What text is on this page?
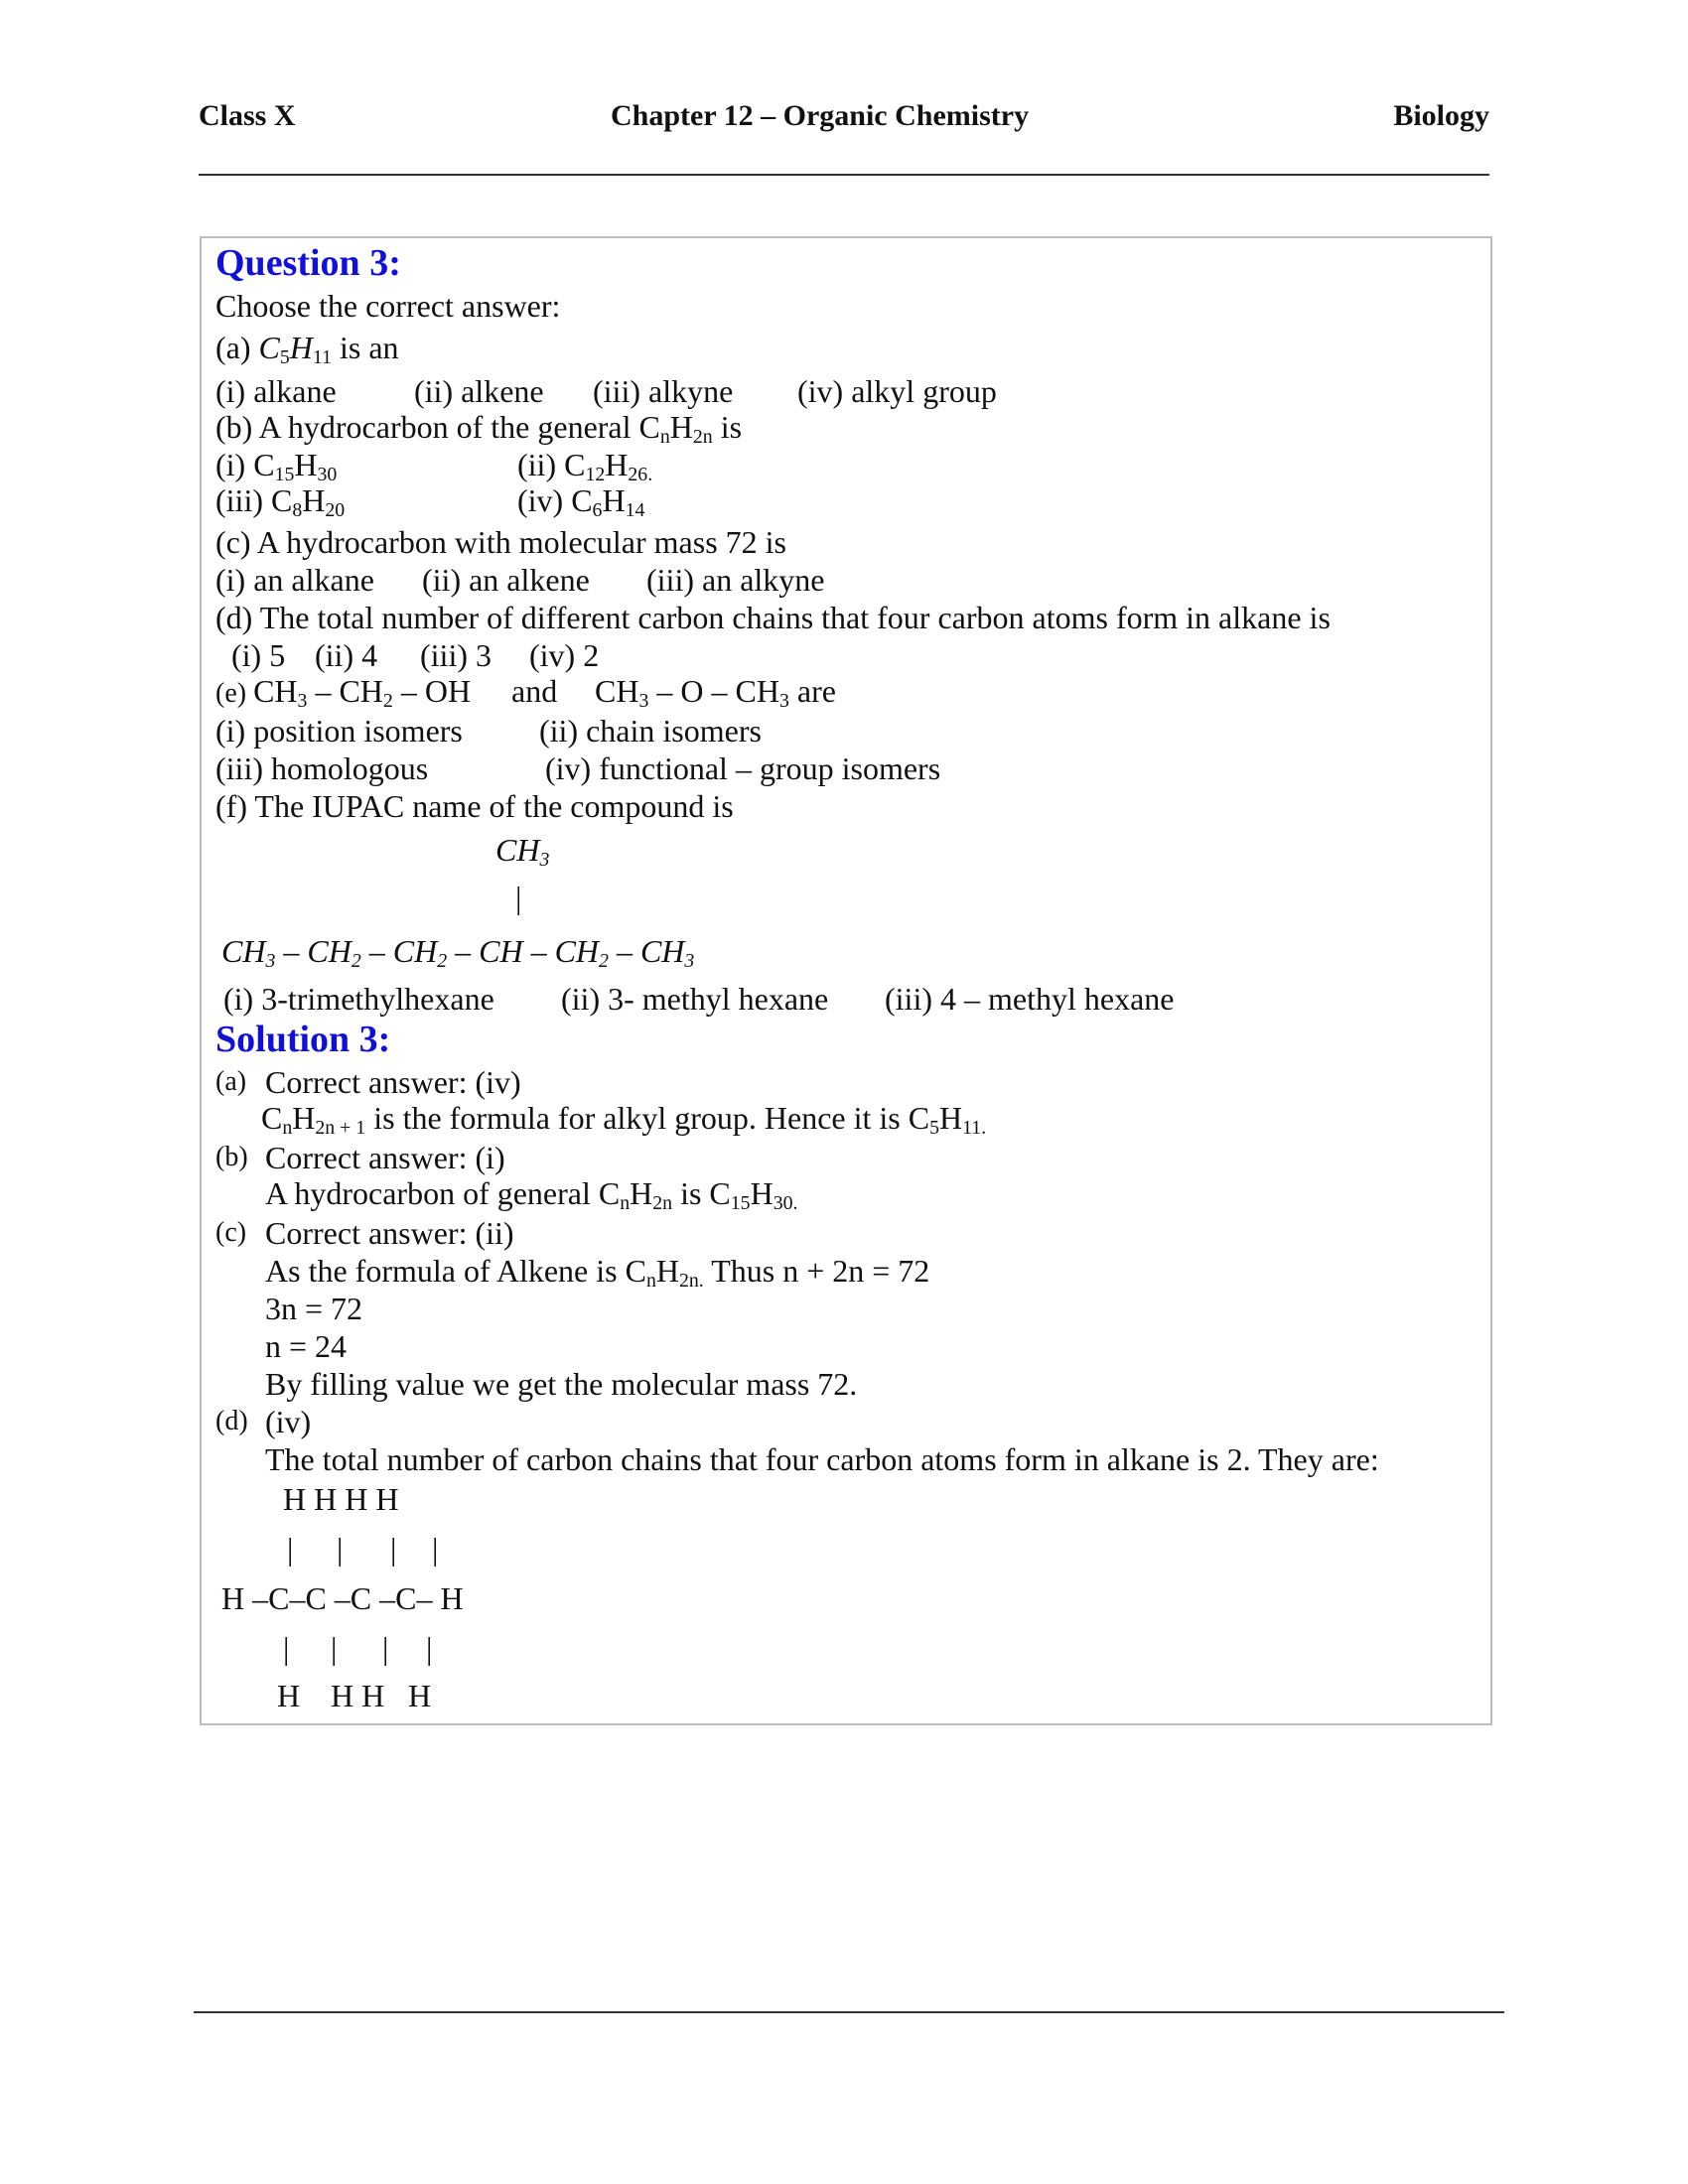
Class X	Chapter 12 – Organic Chemistry	Biology
Question 3:
Choose the correct answer:
(a) $C_5H_{11}$ is an
(i) alkane (ii) alkene (iii) alkyne (iv) alkyl group
(b) A hydrocarbon of the general $C_nH_{2n}$ is
(i) $C_{15}H_{30}$	(ii) $C_{12}H_{26.}$
(iii) $C_8H_{20}$	(iv) $C_6H_{14}$
(c) A hydrocarbon with molecular mass 72 is
(i) an alkane (ii) an alkene (iii) an alkyne
(d) The total number of different carbon chains that four carbon atoms form in alkane is
(i) 5 (ii) 4 (iii) 3 (iv) 2
(e) $CH_3 - CH_2$ – OH and $CH_3$ – O – $CH_3$ are
(i) position isomers (ii) chain isomers
(iii) homologous	(iv) functional – group isomers
(f) The IUPAC name of the compound is
$CH_3$
|
$CH_3 - CH_2 - CH_2$ – CH – $CH_2 - CH_3$
(i) 3-trimethylhexane (ii) 3- methyl hexane (iii) 4 – methyl hexane
Solution 3:
(a) Correct answer: (iv)
$C_nH_{2n + 1}$ is the formula for alkyl group. Hence it is $C_5H_{11.}$
(b) Correct answer: (i)
A hydrocarbon of general $C_nH_{2n}$ is $C_{15}H_{30.}$
(c) Correct answer: (ii)
As the formula of Alkene is $C_nH_{2n.}$ Thus n + 2n = 72
3n = 72
n = 24
By filling value we get the molecular mass 72.
(d) (iv)
The total number of carbon chains that four carbon atoms form in alkane is 2. They are:
H H H H
| | | |
H –C–C –C –C– H
| | | |
H H H H
